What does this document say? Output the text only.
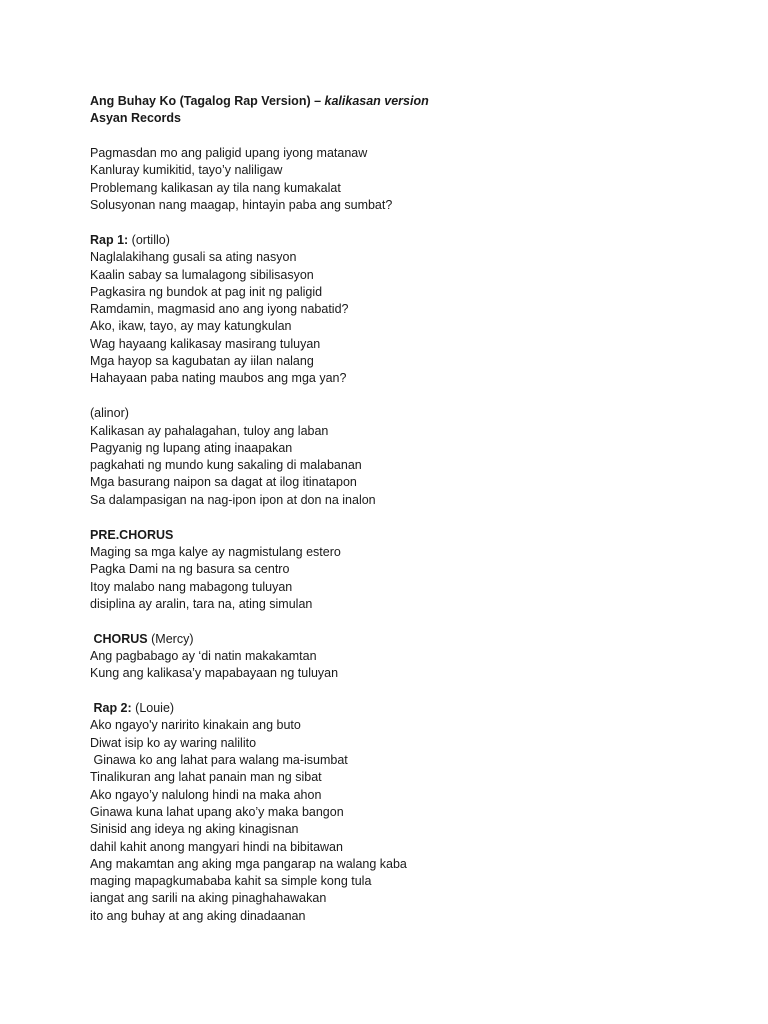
Ang Buhay Ko (Tagalog Rap Version) – kalikasan version
Asyan Records
Pagmasdan mo ang paligid upang iyong matanaw
Kanluray kumikitid, tayo’y naliligaw
Problemang kalikasan ay tila nang kumakalat
Solusyonan nang maagap, hintayin paba ang sumbat?
Rap 1: (ortillo)
Naglalakihang gusali sa ating nasyon
Kaalin sabay sa lumalagong sibilisasyon
Pagkasira ng bundok at pag init ng paligid
Ramdamin, magmasid ano ang iyong nabatid?
Ako, ikaw, tayo, ay may katungkulan
Wag hayaang kalikasay masirang tuluyan
Mga hayop sa kagubatan ay iilan nalang
Hahayaan paba nating maubos ang mga yan?
(alinor)
Kalikasan ay pahalagahan, tuloy ang laban
Pagyanig ng lupang ating inaapakan
pagkahati ng mundo kung sakaling di malabanan
Mga basurang naipon sa dagat at ilog itinatapon
Sa dalampasigan na nag-ipon ipon at don na inalon
PRE.CHORUS
Maging sa mga kalye ay nagmistulang estero
Pagka Dami na ng basura sa centro
Itoy malabo nang mabagong tuluyan
disiplina ay aralin, tara na, ating simulan
CHORUS (Mercy)
Ang pagbabago ay ‘di natin makakamtan
Kung ang kalikasa’y mapabayaan ng tuluyan
Rap 2: (Louie)
Ako ngayo'y naririto kinakain ang buto
Diwat isip ko ay waring nalilito
Ginawa ko ang lahat para walang ma-isumbat
Tinalikuran ang lahat panain man ng sibat
Ako ngayo’y nalulong hindi na maka ahon
Ginawa kuna lahat upang ako’y maka bangon
Sinisid ang ideya ng aking kinagisnan
dahil kahit anong mangyari hindi na bibitawan
Ang makamtan ang aking mga pangarap na walang kaba
maging mapagkumababa kahit sa simple kong tula
iangat ang sarili na aking pinaghahawakan
ito ang buhay at ang aking dinadaanan
